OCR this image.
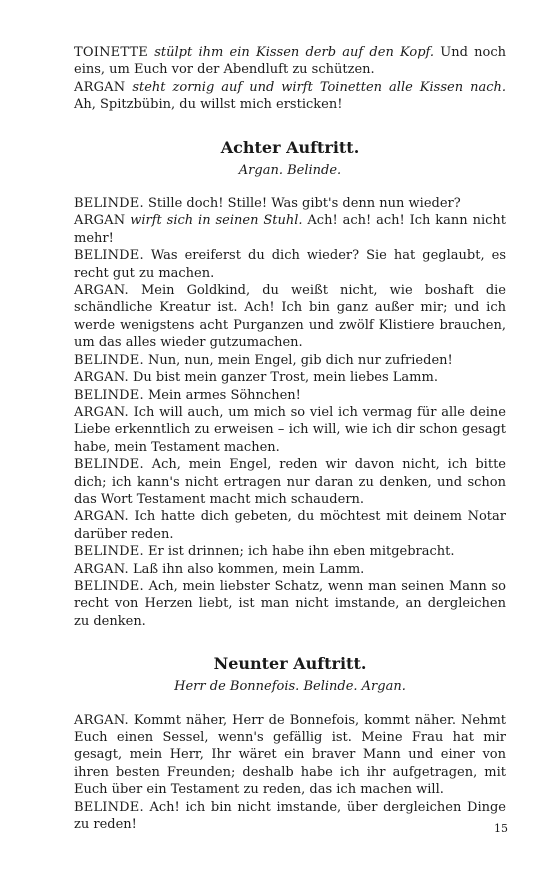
TOINETTE stülpt ihm ein Kissen derb auf den Kopf. Und noch eins, um Euch vor der Abendluft zu schützen.

ARGAN steht zornig auf und wirft Toinetten alle Kissen nach. Ah, Spitzbübin, du willst mich ersticken!

Achter Auftritt.
Argan. Belinde.

BELINDE. Stille doch! Stille! Was gibt's denn nun wieder?

ARGAN wirft sich in seinen Stuhl. Ach! ach! ach! Ich kann nicht mehr!

BELINDE. Was ereiferst du dich wieder? Sie hat geglaubt, es recht gut zu machen.

ARGAN. Mein Goldkind, du weißt nicht, wie boshaft die schändliche Kreatur ist. Ach! Ich bin ganz außer mir; und ich werde wenigstens acht Purganzen und zwölf Klistiere brauchen, um das alles wieder gutzumachen.

BELINDE. Nun, nun, mein Engel, gib dich nur zufrieden!

ARGAN. Du bist mein ganzer Trost, mein liebes Lamm.

BELINDE. Mein armes Söhnchen!

ARGAN. Ich will auch, um mich so viel ich vermag für alle deine Liebe erkenntlich zu erweisen – ich will, wie ich dir schon gesagt habe, mein Testament machen.

BELINDE. Ach, mein Engel, reden wir davon nicht, ich bitte dich; ich kann's nicht ertragen nur daran zu denken, und schon das Wort Testament macht mich schaudern.

ARGAN. Ich hatte dich gebeten, du möchtest mit deinem Notar darüber reden.

BELINDE. Er ist drinnen; ich habe ihn eben mitgebracht.

ARGAN. Laß ihn also kommen, mein Lamm.

BELINDE. Ach, mein liebster Schatz, wenn man seinen Mann so recht von Herzen liebt, ist man nicht imstande, an dergleichen zu denken.

Neunter Auftritt.
Herr de Bonnefois. Belinde. Argan.

ARGAN. Kommt näher, Herr de Bonnefois, kommt näher. Nehmt Euch einen Sessel, wenn's gefällig ist. Meine Frau hat mir gesagt, mein Herr, Ihr wäret ein braver Mann und einer von ihren besten Freunden; deshalb habe ich ihr aufgetragen, mit Euch über ein Testament zu reden, das ich machen will.

BELINDE. Ach! ich bin nicht imstande, über dergleichen Dinge zu reden!	15
